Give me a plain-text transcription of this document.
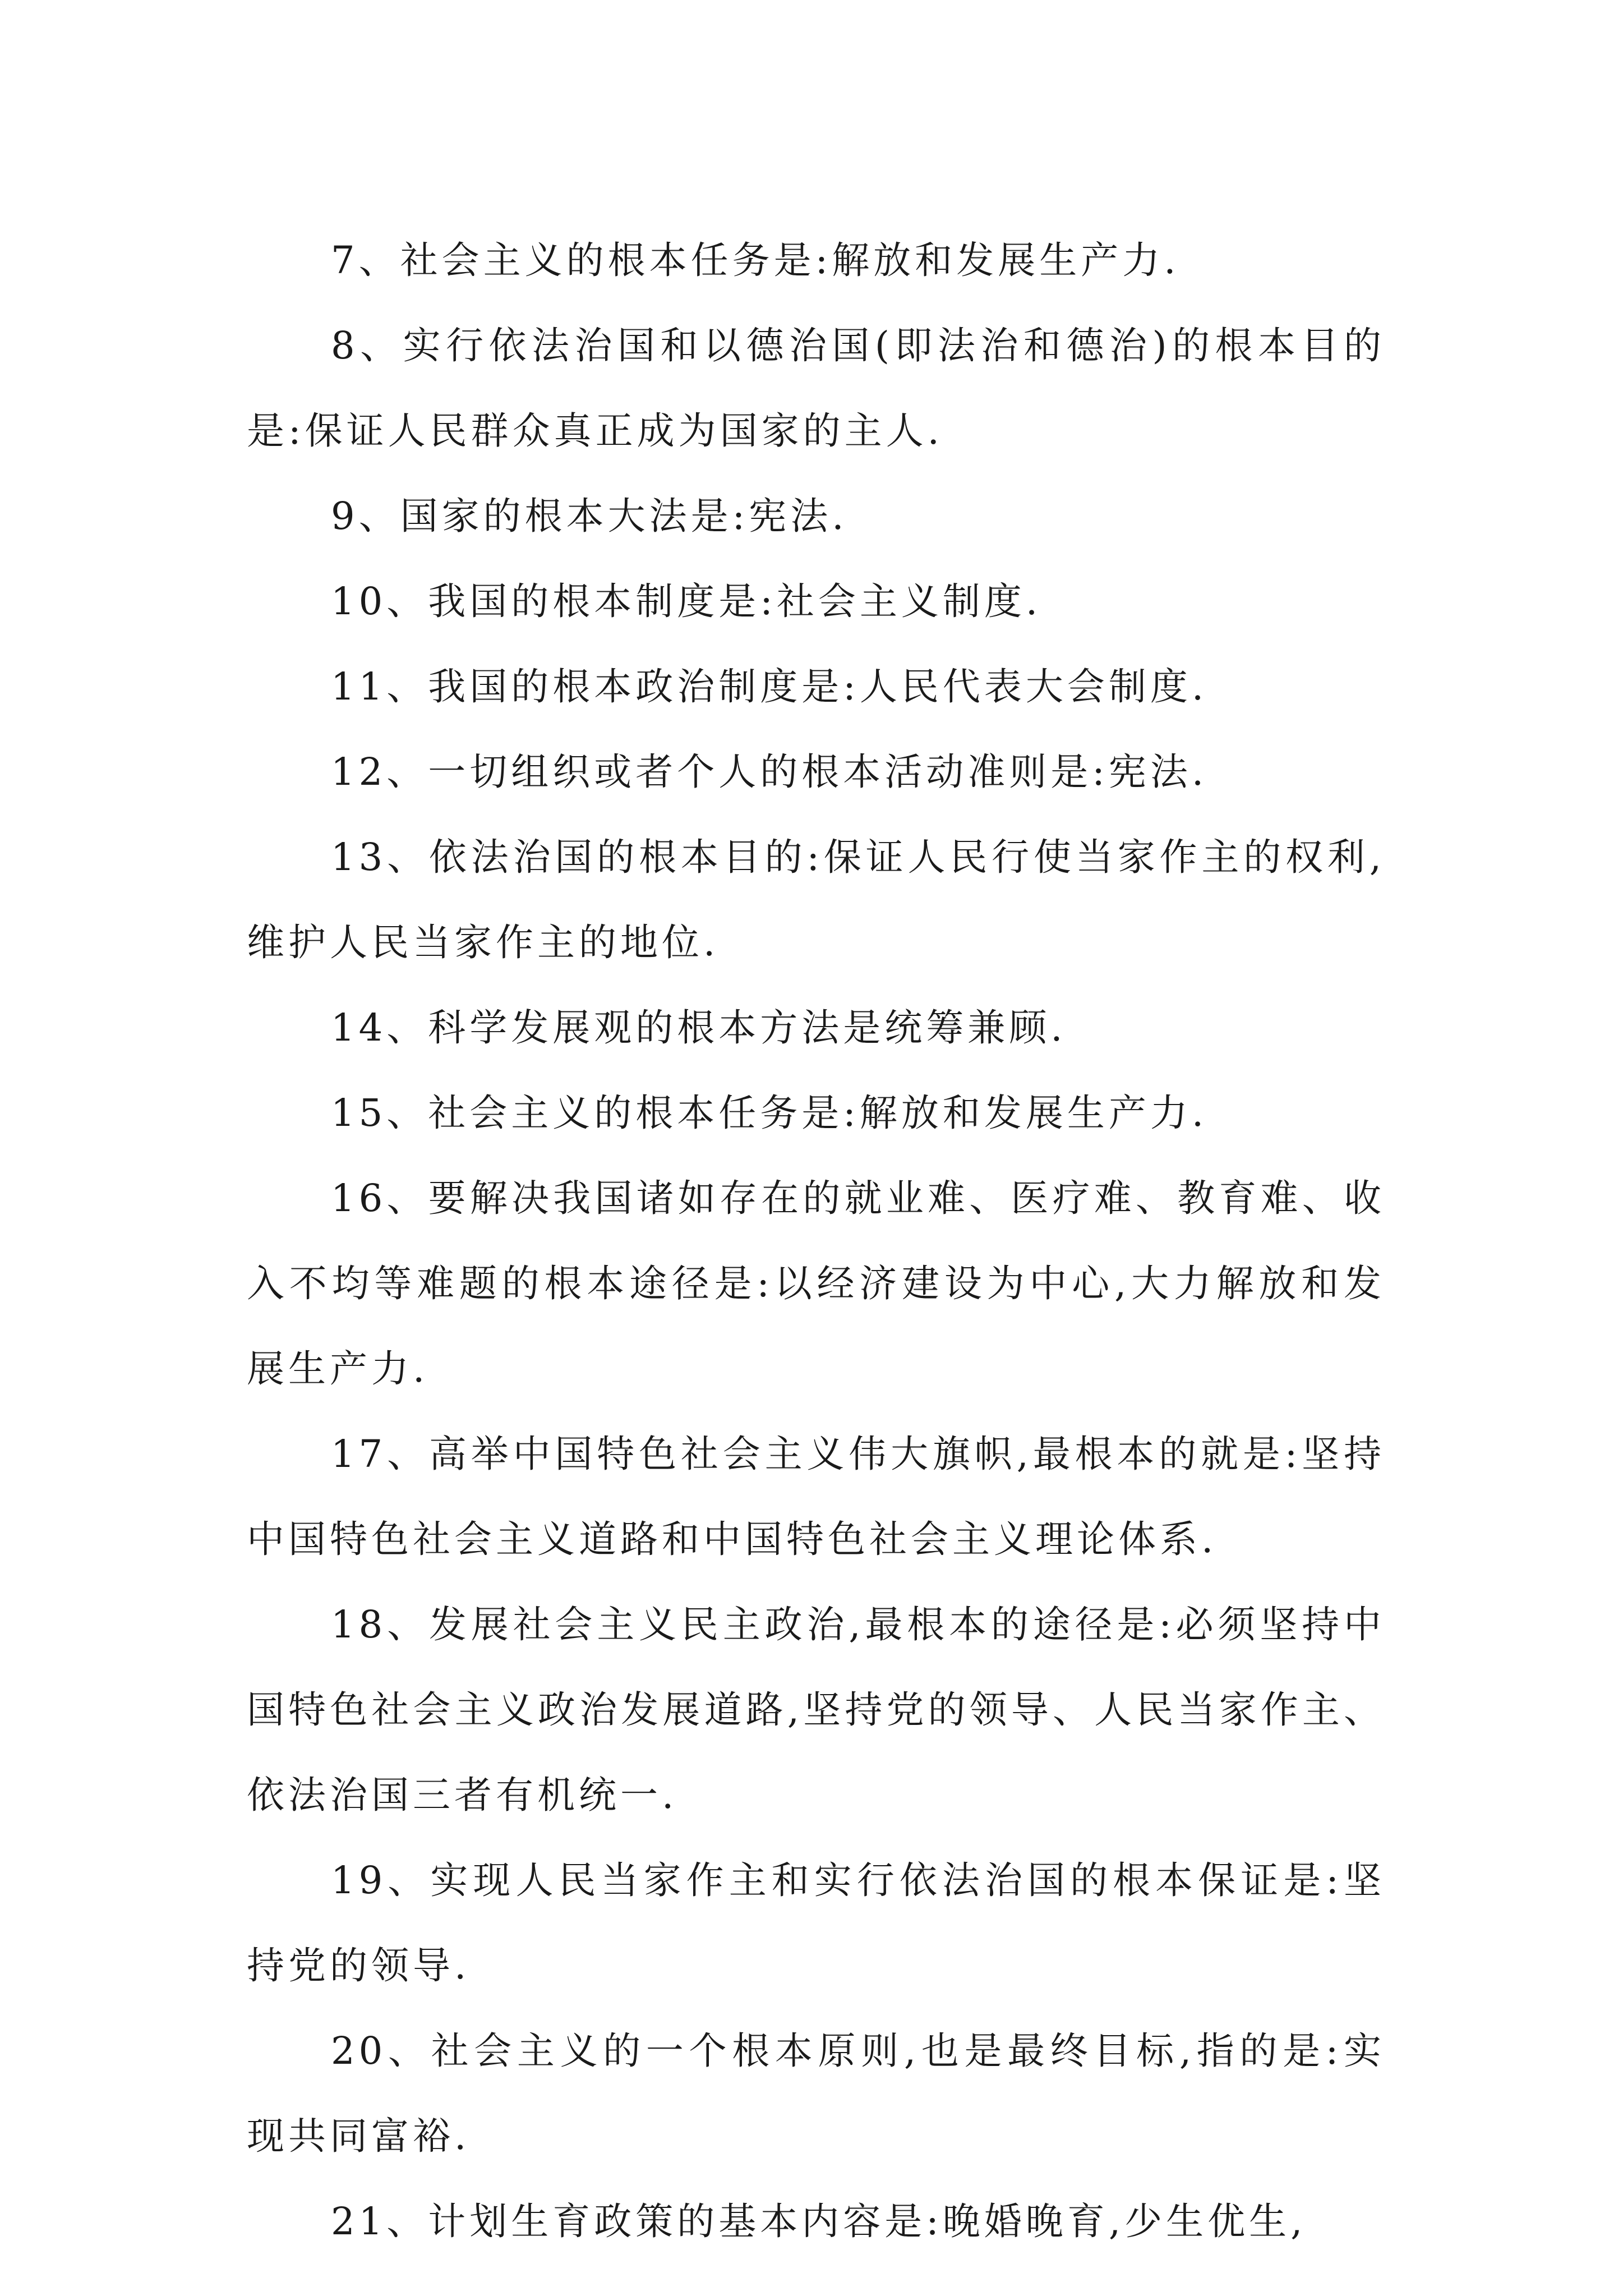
7、社会主义的根本任务是:解放和发展生产力.

8、实行依法治国和以德治国(即法治和德治)的根本目的是:保证人民群众真正成为国家的主人.

9、国家的根本大法是:宪法.

10、我国的根本制度是:社会主义制度.

11、我国的根本政治制度是:人民代表大会制度.

12、一切组织或者个人的根本活动准则是:宪法.

13、依法治国的根本目的:保证人民行使当家作主的权利,维护人民当家作主的地位.

14、科学发展观的根本方法是统筹兼顾.

15、社会主义的根本任务是:解放和发展生产力.

16、要解决我国诸如存在的就业难、医疗难、教育难、收入不均等难题的根本途径是:以经济建设为中心,大力解放和发展生产力.

17、高举中国特色社会主义伟大旗帜,最根本的就是:坚持中国特色社会主义道路和中国特色社会主义理论体系.

18、发展社会主义民主政治,最根本的途径是:必须坚持中国特色社会主义政治发展道路,坚持党的领导、人民当家作主、依法治国三者有机统一.

19、实现人民当家作主和实行依法治国的根本保证是:坚持党的领导.

20、社会主义的一个根本原则,也是最终目标,指的是:实现共同富裕.

21、计划生育政策的基本内容是:晚婚晚育,少生优生,
